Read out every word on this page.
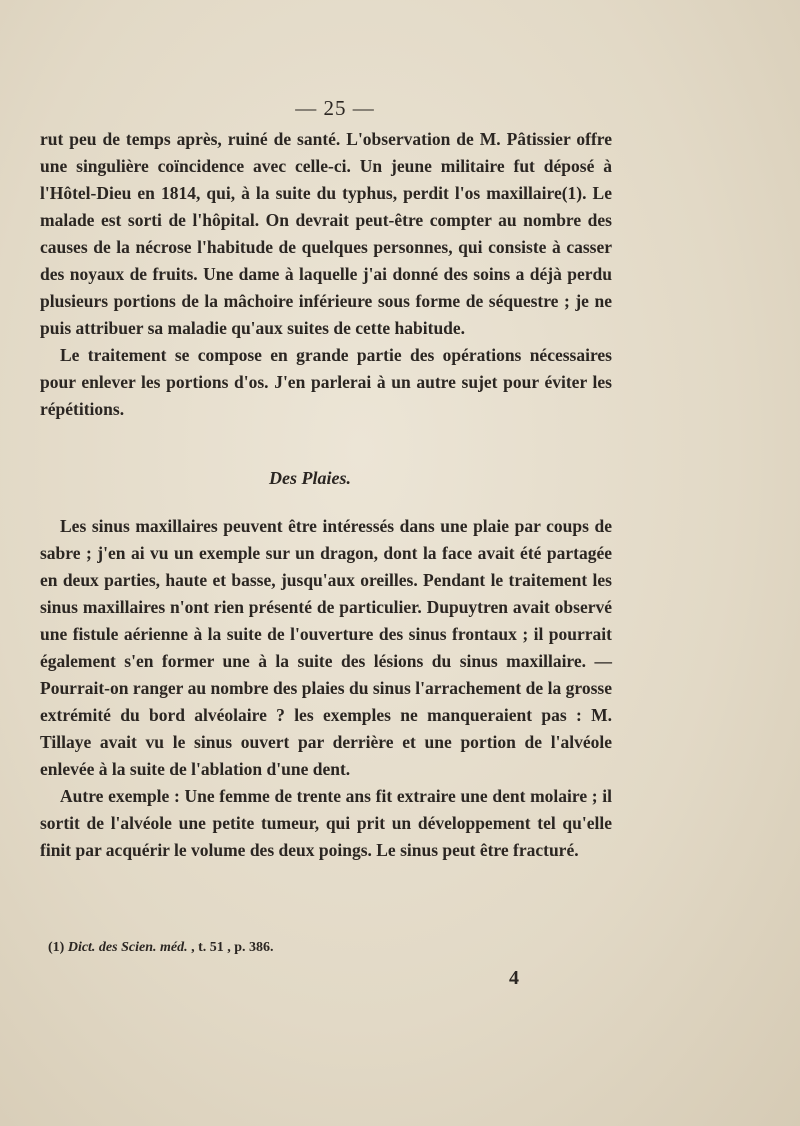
— 25 —

rut peu de temps après, ruiné de santé. L'observation de M. Pâtissier offre une singulière coïncidence avec celle-ci. Un jeune militaire fut déposé à l'Hôtel-Dieu en 1814, qui, à la suite du typhus, perdit l'os maxillaire(1). Le malade est sorti de l'hôpital. On devrait peut-être compter au nombre des causes de la nécrose l'habitude de quelques personnes, qui consiste à casser des noyaux de fruits. Une dame à laquelle j'ai donné des soins a déjà perdu plusieurs portions de la mâchoire inférieure sous forme de séquestre ; je ne puis attribuer sa maladie qu'aux suites de cette habitude.

Le traitement se compose en grande partie des opérations nécessaires pour enlever les portions d'os. J'en parlerai à un autre sujet pour éviter les répétitions.

Des Plaies.

Les sinus maxillaires peuvent être intéressés dans une plaie par coups de sabre ; j'en ai vu un exemple sur un dragon, dont la face avait été partagée en deux parties, haute et basse, jusqu'aux oreilles. Pendant le traitement les sinus maxillaires n'ont rien présenté de particulier. Dupuytren avait observé une fistule aérienne à la suite de l'ouverture des sinus frontaux ; il pourrait également s'en former une à la suite des lésions du sinus maxillaire. — Pourrait-on ranger au nombre des plaies du sinus l'arrachement de la grosse extrémité du bord alvéolaire ? les exemples ne manqueraient pas : M. Tillaye avait vu le sinus ouvert par derrière et une portion de l'alvéole enlevée à la suite de l'ablation d'une dent.

Autre exemple : Une femme de trente ans fit extraire une dent molaire ; il sortit de l'alvéole une petite tumeur, qui prit un développement tel qu'elle finit par acquérir le volume des deux poings. Le sinus peut être fracturé.

(1) Dict. des Scien. méd. , t. 51 , p. 386.
4
